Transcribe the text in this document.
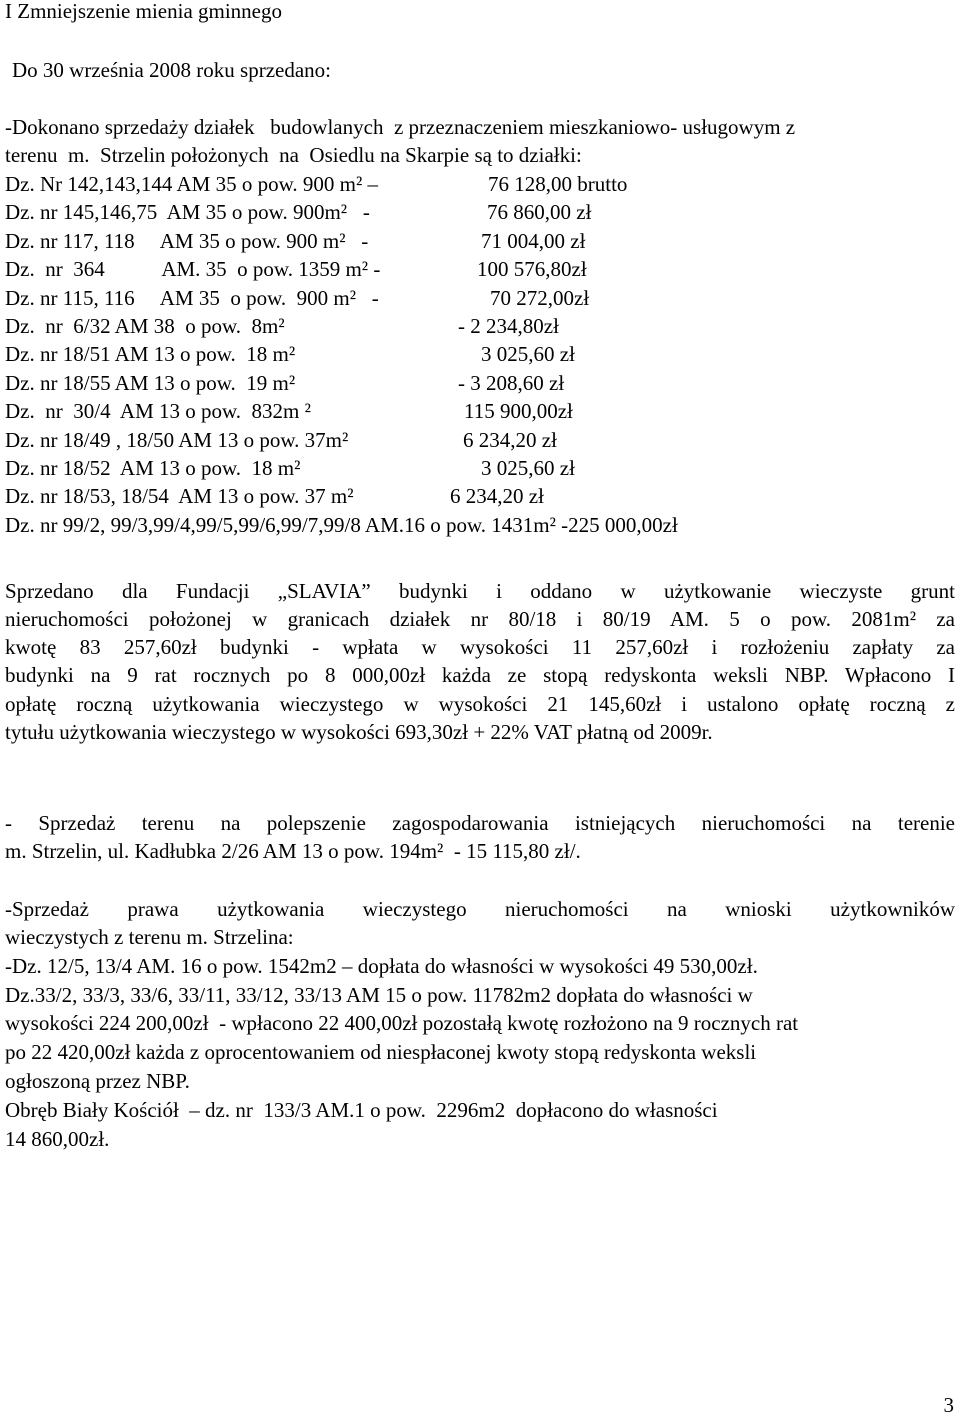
I Zmniejszenie mienia gminnego
Do 30 września 2008 roku sprzedano:
-Dokonano sprzedaży działek   budowlanych  z przeznaczeniem mieszkaniowo- usługowym z
terenu  m.  Strzelin położonych  na  Osiedlu na Skarpie są to działki:
Dz. Nr 142,143,144 AM 35 o pow. 900 m² –	76 128,00 brutto
Dz. nr 145,146,75  AM 35 o pow. 900m²   -	76 860,00 zł
Dz. nr 117, 118     AM 35 o pow. 900 m²   -	71 004,00 zł
Dz.  nr  364           AM. 35  o pow. 1359 m² -	100 576,80zł
Dz. nr 115, 116     AM 35  o pow.  900 m²   -	70 272,00zł
Dz.  nr  6/32 AM 38  o pow.  8m²	- 2 234,80zł
Dz. nr 18/51 AM 13 o pow.  18 m²	3 025,60 zł
Dz. nr 18/55 AM 13 o pow.  19 m²	- 3 208,60 zł
Dz.  nr  30/4  AM 13 o pow.  832m ²	115 900,00zł
Dz. nr 18/49 , 18/50 AM 13 o pow. 37m²	6 234,20 zł
Dz. nr 18/52  AM 13 o pow.  18 m²	3 025,60 zł
Dz. nr 18/53, 18/54  AM 13 o pow. 37 m²	6 234,20 zł
Dz. nr 99/2, 99/3,99/4,99/5,99/6,99/7,99/8 AM.16 o pow. 1431m² -225 000,00zł
Sprzedano dla Fundacji „SLAVIA” budynki i oddano w użytkowanie wieczyste grunt
nieruchomości położonej w granicach działek nr 80/18 i 80/19 AM. 5 o pow. 2081m² za
kwotę 83 257,60zł budynki - wpłata w wysokości 11 257,60zł i rozłożeniu zapłaty za
budynki na 9 rat rocznych po 8 000,00zł każda ze stopą redyskonta weksli NBP. Wpłacono I
opłatę roczną użytkowania wieczystego w wysokości 21 145,60zł i ustalono opłatę roczną z
tytułu użytkowania wieczystego w wysokości 693,30zł + 22% VAT płatną od 2009r.
- Sprzedaż terenu na polepszenie zagospodarowania istniejących nieruchomości na terenie
m. Strzelin, ul. Kadłubka 2/26 AM 13 o pow. 194m²  - 15 115,80 zł/.
-Sprzedaż prawa użytkowania wieczystego nieruchomości na wnioski użytkowników
wieczystych z terenu m. Strzelina:
-Dz. 12/5, 13/4 AM. 16 o pow. 1542m2 – dopłata do własności w wysokości 49 530,00zł.
Dz.33/2, 33/3, 33/6, 33/11, 33/12, 33/13 AM 15 o pow. 11782m2 dopłata do własności w
wysokości 224 200,00zł  - wpłacono 22 400,00zł pozostałą kwotę rozłożono na 9 rocznych rat
po 22 420,00zł każda z oprocentowaniem od niespłaconej kwoty stopą redyskonta weksli
ogłoszoną przez NBP.
Obręb Biały Kościół  – dz. nr  133/3 AM.1 o pow.  2296m2  dopłacono do własności
14 860,00zł.
3
